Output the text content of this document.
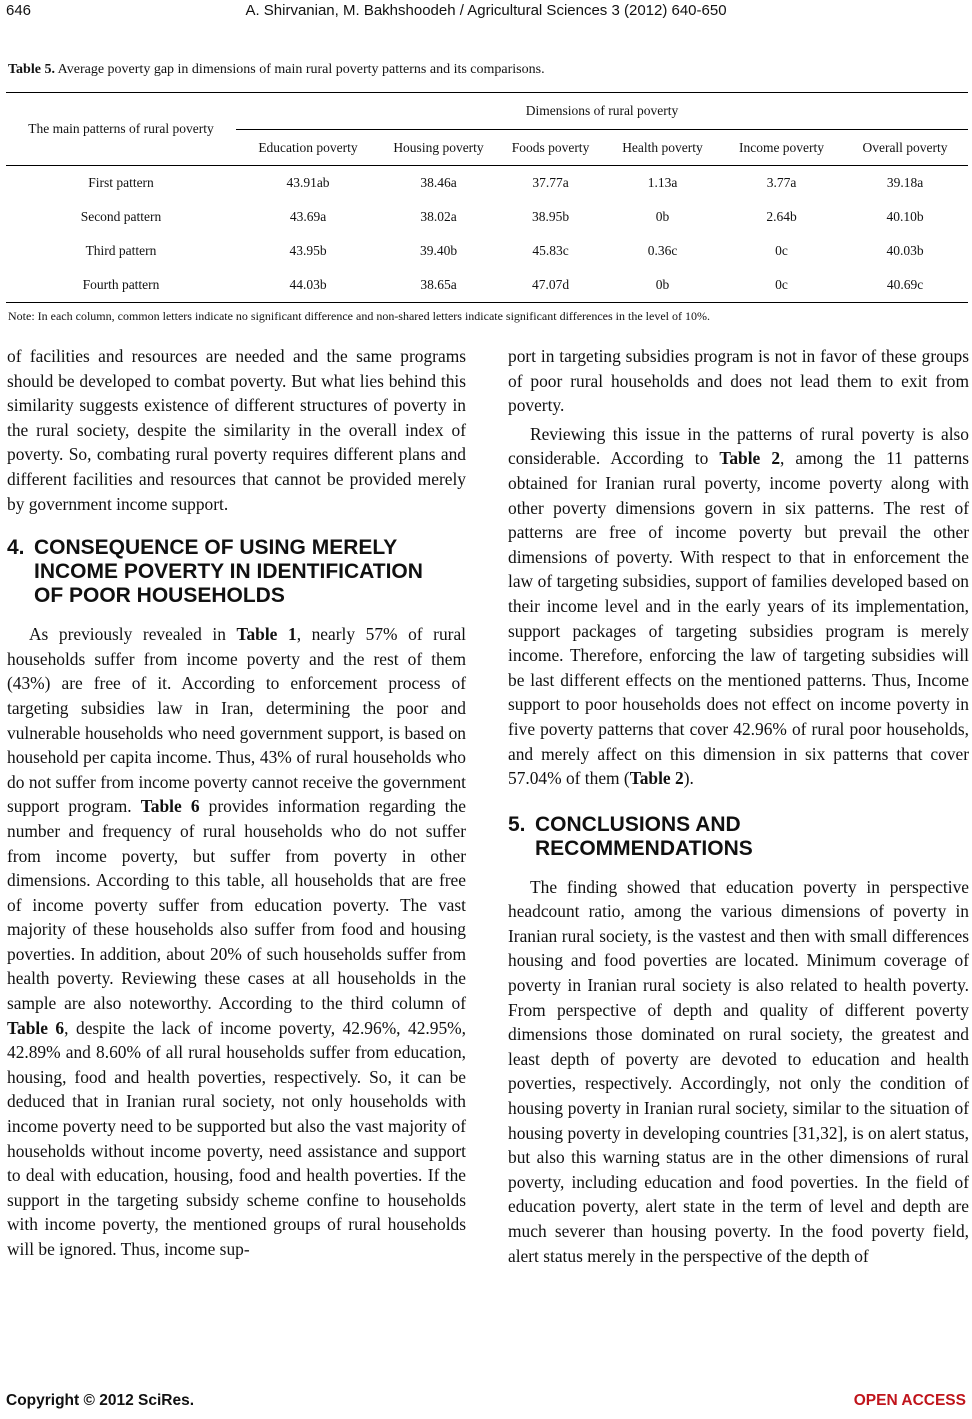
646	A. Shirvanian, M. Bakhshoodeh / Agricultural Sciences 3 (2012) 640-650
Table 5. Average poverty gap in dimensions of main rural poverty patterns and its comparisons.
The main patterns of rural poverty	Dimensions of rural poverty					
	Education poverty	Housing poverty	Foods poverty	Health poverty	Income poverty	Overall poverty
First pattern	43.91ab	38.46a	37.77a	1.13a	3.77a	39.18a
Second pattern	43.69a	38.02a	38.95b	0b	2.64b	40.10b
Third pattern	43.95b	39.40b	45.83c	0.36c	0c	40.03b
Fourth pattern	44.03b	38.65a	47.07d	0b	0c	40.69c
Note: In each column, common letters indicate no significant difference and non-shared letters indicate significant differences in the level of 10%.

of facilities and resources are needed and the same programs should be developed to combat poverty. But what lies behind this similarity suggests existence of different structures of poverty in the rural society, despite the similarity in the overall index of poverty. So, combating rural poverty requires different plans and different facilities and resources that cannot be provided merely by government income support.

4. CONSEQUENCE OF USING MERELY INCOME POVERTY IN IDENTIFICATION OF POOR HOUSEHOLDS

As previously revealed in Table 1, nearly 57% of rural households suffer from income poverty and the rest of them (43%) are free of it. According to enforcement process of targeting subsidies law in Iran, determining the poor and vulnerable households who need government support, is based on household per capita income. Thus, 43% of rural households who do not suffer from income poverty cannot receive the government support program. Table 6 provides information regarding the number and frequency of rural households who do not suffer from income poverty, but suffer from poverty in other dimensions. According to this table, all households that are free of income poverty suffer from education poverty. The vast majority of these households also suffer from food and housing poverties. In addition, about 20% of such households suffer from health poverty. Reviewing these cases at all households in the sample are also noteworthy. According to the third column of Table 6, despite the lack of income poverty, 42.96%, 42.95%, 42.89% and 8.60% of all rural households suffer from education, housing, food and health poverties, respectively. So, it can be deduced that in Iranian rural society, not only households with income poverty need to be supported but also the vast majority of households without income poverty, need assistance and support to deal with education, housing, food and health poverties. If the support in the targeting subsidy scheme confine to households with income poverty, the mentioned groups of rural households will be ignored. Thus, income sup-

port in targeting subsidies program is not in favor of these groups of poor rural households and does not lead them to exit from poverty.

Reviewing this issue in the patterns of rural poverty is also considerable. According to Table 2, among the 11 patterns obtained for Iranian rural poverty, income poverty along with other poverty dimensions govern in six patterns. The rest of patterns are free of income poverty but prevail the other dimensions of poverty. With respect to that in enforcement the law of targeting subsidies, support of families developed based on their income level and in the early years of its implementation, support packages of targeting subsidies program is merely income. Therefore, enforcing the law of targeting subsidies will be last different effects on the mentioned patterns. Thus, Income support to poor households does not effect on income poverty in five poverty patterns that cover 42.96% of rural poor households, and merely affect on this dimension in six patterns that cover 57.04% of them (Table 2).

5. CONCLUSIONS AND RECOMMENDATIONS

The finding showed that education poverty in perspective headcount ratio, among the various dimensions of poverty in Iranian rural society, is the vastest and then with small differences housing and food poverties are located. Minimum coverage of poverty in Iranian rural society is also related to health poverty. From perspective of depth and quality of different poverty dimensions those dominated on rural society, the greatest and least depth of poverty are devoted to education and health poverties, respectively. Accordingly, not only the condition of housing poverty in Iranian rural society, similar to the situation of housing poverty in developing countries [31,32], is on alert status, but also this warning status are in the other dimensions of rural poverty, including education and food poverties. In the field of education poverty, alert state in the term of level and depth are much severer than housing poverty. In the food poverty field, alert status merely in the perspective of the depth of

Copyright © 2012 SciRes.	OPEN ACCESS
